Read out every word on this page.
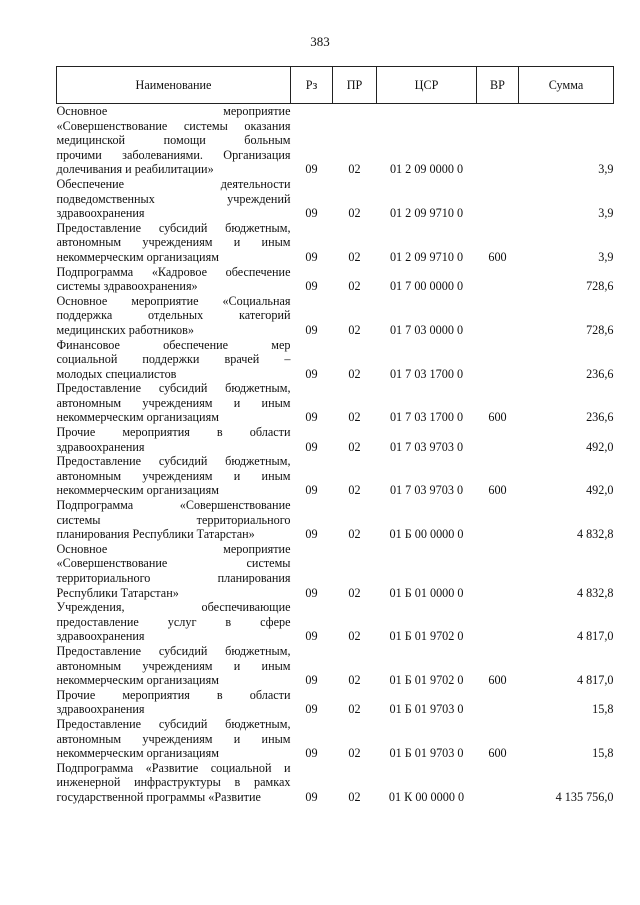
383
Наименование	Рз	ПР	ЦСР	ВР	Сумма

Основное мероприятие
«Совершенствование системы оказания
медицинской помощи больным
прочими заболеваниями. Организация
долечивания и реабилитации»	09	02	01 2 09 0000 0		3,9

Обеспечение деятельности
подведомственных учреждений
здравоохранения	09	02	01 2 09 9710 0		3,9

Предоставление субсидий бюджетным,
автономным учреждениям и иным
некоммерческим организациям	09	02	01 2 09 9710 0	600	3,9

Подпрограмма «Кадровое обеспечение
системы здравоохранения»	09	02	01 7 00 0000 0		728,6

Основное мероприятие «Социальная
поддержка отдельных категорий
медицинских работников»	09	02	01 7 03 0000 0		728,6

Финансовое обеспечение мер
социальной поддержки врачей –
молодых специалистов	09	02	01 7 03 1700 0		236,6

Предоставление субсидий бюджетным,
автономным учреждениям и иным
некоммерческим организациям	09	02	01 7 03 1700 0	600	236,6

Прочие мероприятия в области
здравоохранения	09	02	01 7 03 9703 0		492,0

Предоставление субсидий бюджетным,
автономным учреждениям и иным
некоммерческим организациям	09	02	01 7 03 9703 0	600	492,0

Подпрограмма «Совершенствование
системы территориального
планирования Республики Татарстан»	09	02	01 Б 00 0000 0		4 832,8

Основное мероприятие
«Совершенствование системы
территориального планирования
Республики Татарстан»	09	02	01 Б 01 0000 0		4 832,8

Учреждения, обеспечивающие
предоставление услуг в сфере
здравоохранения	09	02	01 Б 01 9702 0		4 817,0

Предоставление субсидий бюджетным,
автономным учреждениям и иным
некоммерческим организациям	09	02	01 Б 01 9702 0	600	4 817,0

Прочие мероприятия в области
здравоохранения	09	02	01 Б 01 9703 0		15,8

Предоставление субсидий бюджетным,
автономным учреждениям и иным
некоммерческим организациям	09	02	01 Б 01 9703 0	600	15,8

Подпрограмма «Развитие социальной и
инженерной инфраструктуры в рамках
государственной программы «Развитие	09	02	01 К 00 0000 0		4 135 756,0
